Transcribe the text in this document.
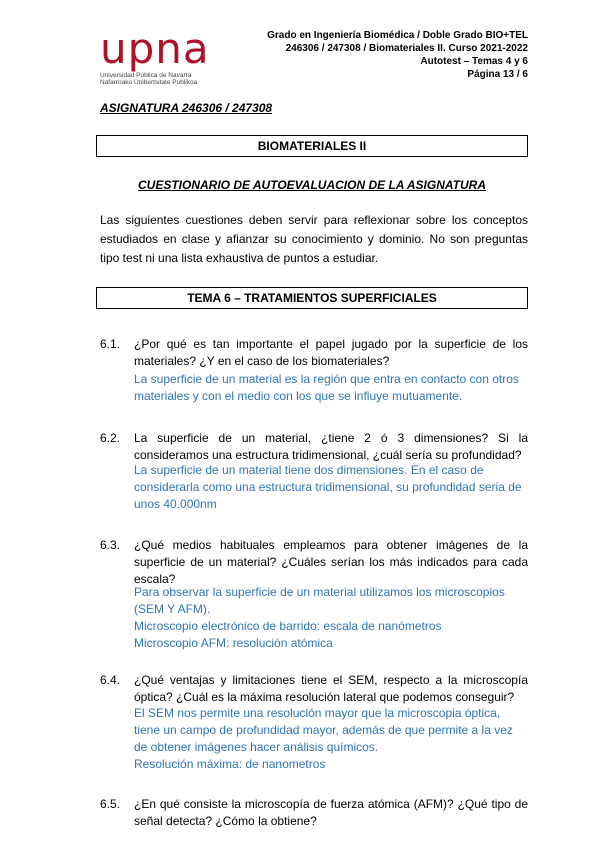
upna
Universidad Pública de Navarra
Nafarroako Unibertsitate Publikoa
Grado en Ingeniería Biomédica / Doble Grado BIO+TEL
246306 / 247308 / Biomateriales II. Curso 2021-2022
Autotest – Temas 4 y 6
Página 13 / 6

ASIGNATURA 246306 / 247308

BIOMATERIALES II
CUESTIONARIO DE AUTOEVALUACION DE LA ASIGNATURA
Las siguientes cuestiones deben servir para reflexionar sobre los conceptos estudiados en clase y afianzar su conocimiento y dominio. No son preguntas tipo test ni una lista exhaustiva de puntos a estudiar.
TEMA 6 – TRATAMIENTOS SUPERFICIALES
6.1. ¿Por qué es tan importante el papel jugado por la superficie de los materiales? ¿Y en el caso de los biomateriales?
La superficie de un material es la región que entra en contacto con otros
materiales y con el medio con los que se influye mutuamente.
6.2. La superficie de un material, ¿tiene 2 ó 3 dimensiones? Si la consideramos una estructura tridimensional, ¿cuál sería su profundidad?
La superficie de un material tiene dos dimensiones. En el caso de
considerarla como una estructura tridimensional, su profundidad seria de
unos 40.000nm
6.3. ¿Qué medios habituales empleamos para obtener imágenes de la superficie de un material? ¿Cuáles serían los más indicados para cada escala?
Para observar la superficie de un material utilizamos los microscopios
(SEM Y AFM).
Microscopio electrónico de barrido: escala de nanómetros
Microscopio AFM: resolución atómica
6.4. ¿Qué ventajas y limitaciones tiene el SEM, respecto a la microscopía óptica? ¿Cuál es la máxima resolución lateral que podemos conseguir?
El SEM nos permite una resolución mayor que la microscopia óptica,
tiene un campo de profundidad mayor, además de que permite a la vez
de obtener imágenes hacer análisis químicos.
Resolución máxima: de nanometros
6.5. ¿En qué consiste la microscopía de fuerza atómica (AFM)? ¿Qué tipo de señal detecta? ¿Cómo la obtiene?
